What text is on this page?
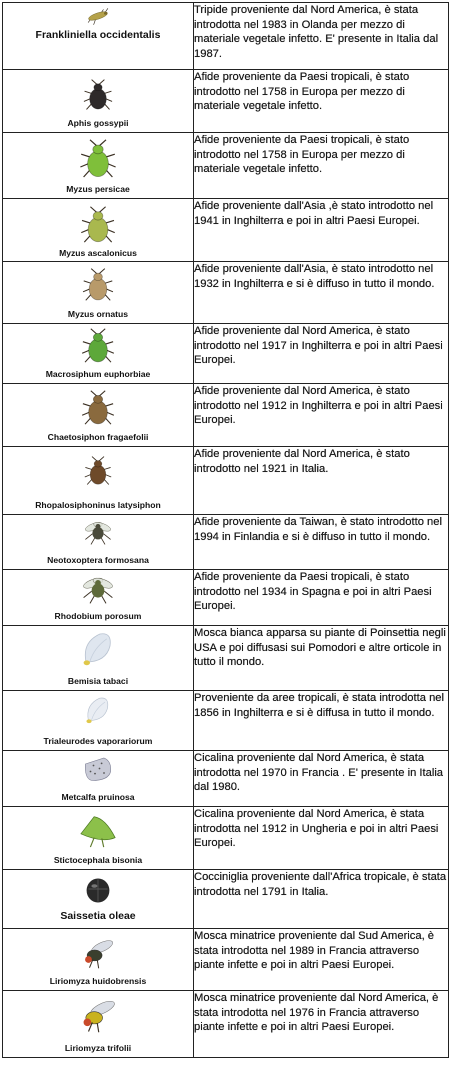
Frankliniella occidentalis	Tripide proveniente dal Nord America, è stata introdotta nel 1983 in Olanda per mezzo di materiale vegetale infetto. E' presente in Italia dal 1987.

Aphis gossypii	Afide proveniente da Paesi tropicali, è stato introdotto nel 1758 in Europa per mezzo di materiale vegetale infetto.

Myzus persicae	Afide proveniente da Paesi tropicali, è stato introdotto nel 1758 in Europa per mezzo di materiale vegetale infetto.

Myzus ascalonicus	Afide proveniente dall'Asia ,è stato introdotto nel 1941 in Inghilterra e poi in altri Paesi Europei.

Myzus ornatus	Afide proveniente dall'Asia, è stato introdotto nel 1932 in Inghilterra e si è diffuso in tutto il mondo.

Macrosiphum euphorbiae	Afide proveniente dal Nord America, è stato introdotto nel 1917 in Inghilterra e poi in altri Paesi Europei.

Chaetosiphon fragaefolii	Afide proveniente dal Nord America, è stato introdotto nel 1912 in Inghilterra e poi in altri Paesi Europei.

Rhopalosiphoninus latysiphon	Afide proveniente dal Nord America, è stato introdotto nel 1921 in Italia.

Neotoxoptera formosana	Afide proveniente da Taiwan, è stato introdotto nel 1994 in Finlandia e si è diffuso in tutto il mondo.

Rhodobium porosum	Afide proveniente da Paesi tropicali, è stato introdotto nel 1934 in Spagna e poi in altri Paesi Europei.

Bemisia tabaci	Mosca bianca apparsa su piante di Poinsettia negli USA e poi diffusasi sui Pomodori e altre orticole in tutto il mondo.

Trialeurodes vaporariorum	Proveniente da aree tropicali, è stata introdotta nel 1856 in Inghilterra e si è diffusa in tutto il mondo.

Metcalfa pruinosa	Cicalina proveniente dal Nord America, è stata introdotta nel 1970 in Francia . E' presente in Italia dal 1980.

Stictocephala bisonia	Cicalina proveniente dal Nord America, è stata introdotta nel 1912 in Ungheria e poi in altri Paesi Europei.

Saissetia oleae	Cocciniglia proveniente dall'Africa tropicale, è stata introdotta nel 1791 in Italia.

Liriomyza huidobrensis	Mosca minatrice proveniente dal Sud America, è stata introdotta nel 1989 in Francia attraverso piante infette e poi in altri Paesi Europei.

Liriomyza trifolii	Mosca minatrice proveniente dal Nord America, è stata introdotta nel 1976 in Francia attraverso piante infette e poi in altri Paesi Europei.
